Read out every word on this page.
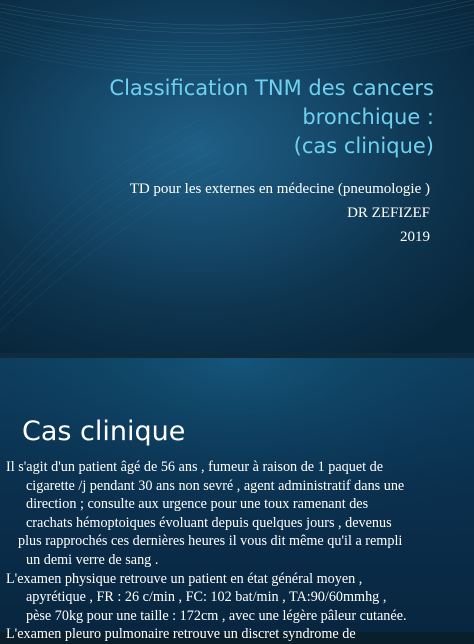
Classification TNM des cancers
bronchique :
(cas clinique)
TD pour les externes en médecine (pneumologie )
DR ZEFIZEF
2019
Cas clinique
Il s'agit d'un patient âgé de 56 ans , fumeur à raison de 1 paquet de
cigarette /j pendant 30 ans non sevré , agent administratif dans une
direction ; consulte aux urgence pour une toux ramenant des
crachats hémoptoiques évoluant depuis quelques jours , devenus
plus rapprochés ces dernières heures il vous dit même qu'il a rempli
un demi verre de sang .
L'examen physique retrouve un patient en état général moyen ,
apyrétique , FR : 26 c/min , FC: 102 bat/min , TA:90/60mmhg ,
pèse 70kg pour une taille : 172cm , avec une légère pâleur cutanée.
L'examen pleuro pulmonaire retrouve un discret syndrome de
